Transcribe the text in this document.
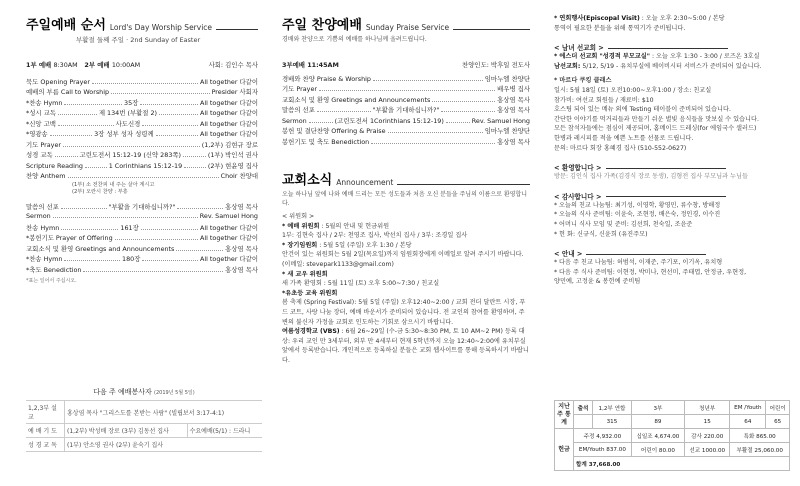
주일예배 순서 Lord's Day Worship Service
부활절 둘째 주일 · 2nd Sunday of Easter
1부 예배
8:30AM
2부 예배
10:00AM	사회: 김인수 목사
묵도 Opening Prayer	All together 다같이
예배의 부름 Call to Worship	Presider 사회자
*찬송 Hymn	35장	All together 다같이
*성시 교독	제 134번 (부활절 2)	All together 다같이
*신앙 고백	사도신경	All together 다같이
*영광송	3장 성부 성자 성령께	All together 다같이
기도 Prayer	(1,2부) 김현규 장로
성경 교독	고린도전서 15:12-19 (신약 283쪽)	(1부) 박인석 권사
Scripture Reading	1 Corinthians 15:12-19	(2부) 현윤영 집사
찬양 Anthem	Choir 찬양대
(1부) 소 전찬피 내 주는 살아 계시고
(2부) 오란시 찬양 : 부흥
말씀의 선포	"부활을 기대하십니까?"	홍상염 목사
Sermon	Rev. Samuel Hong
찬송 Hymn	161장	All together 다같이
*봉헌기도 Prayer of Offering	All together 다같이
교회소식 및 환영 Greetings and Announcements	홍상염 목사
*찬송 Hymn	180장	All together 다같이
*축도 Benediction	홍상염 목사
*표는 일어서 주십시오.
다음 주 예배봉사자 (2019년 5월 5일)
1,2,3부 설교	홍상염 목사 "그리스도를 본받는 사람" (빌립보서 3:17-4:1)	
예 배 기 도	(1,2부) 박성배 장로 (3부) 김동선 집사	수요예배(5/1) : 드라니
성 경 교 독	(1부) 안소영 권사 (2부) 윤숙기 집사	
주일 찬양예배 Sunday Praise Service
경배와 찬양으로 기쁨의 예배를 하나님께 올려드립니다.
3부예배 11:45AM	찬양인도: 박후일 전도사
경배와 찬양 Praise & Worship	임마누엘 찬양단
기도 Prayer	배우병 집사
교회소식 및 환영 Greetings and Announcements	홍상염 목사
말씀의 선포	"부활을 기대하십니까?"	홍상염 목사
Sermon	(고린도전서 1Corinthians 15:12-19)	Rev. Samuel Hong
봉헌 및 결단찬양 Offering & Praise	임마누엘 찬양단
봉헌기도 및 축도 Benediction	홍상염 목사
교회소식 Announcement
오늘 하나님 앞에 나와 예배 드리는 모든 성도들과 처음 오신 분들을 주님의 이름으로 환영합니다.
< 위원회 >
* 예배 위원회 : 5월의 안내 및 헌금위원
1부: 김현숙 집사 / 2부: 천영조 집사, 박선치 집사 / 3부: 조경일 집사
* 장기임원회 : 5월 5일 (주일) 오후 1:30 / 본당
안건이 있는 위원회는 5월 2일(목요일)까지 임원회장에게 이메일로 알려 주시기 바랍니다. (이메일: stevepark1133@gmail.com)
* 새 교우 위원회
새 가족 환영회 : 5월 11일 (토) 오후 5:00~7:30 / 친교실
*유초등 교육 위원회
봄 축제 (Spring Festival): 5월 5일 (주일) 오후12:40~2:00 / 교회 전더 달란트 시장, 푸드 코트, 사랑 나눔 장터, 예배 바운서가 준비되어 있습니다. 전 교인의 참여를 환영하며, 주변의 불신자 가정을 교회로 인도하는 기회로 삼으시기 바랍니다.
여름성경학교 (VBS) : 6월 26~29일 (수-금 5:30~8:30 PM, 토 10 AM~2 PM) 등록 대상: 우리 교인 만 3세부터, 외부 만 4세부터 현재 5학년까지 오늘 12:40~2:00에 유치부실 앞에서 등록받습니다. 개인적으로 등록하실 분들은 교회 웹사이트를 통해 등록하시기 바랍니다.
* 연회행사(Episcopal Visit) : 오늘 오후 2:30~5:00 / 본당
통역이 필요한 분들을 위해 통역기가 준비됩니다.
< 남녀 선교회 >
* 에스더 선교회 "성경적 부모교실" : 오늘 오후 1:30 - 3:00 / 로즈온 3호실
남선교회: 5/12, 5/19 - 유치부실에 베이비시터 서비스가 준비되어 있습니다.
* 마르다 쿠킹 클래스
일시: 5월 18일 (토) 오전10:00~오후1:00 / 장소: 친교실
참가비: 여선교 회원들 / 재료비: $10
호스팅 되어 있는 메뉴 외에 Testing 테이블이 준비되어 있습니다.
간단한 이야기를 먹거리들과 만들기 쉬운 별빛 음식들을 맛보실 수 있습니다.
모든 참석자들에는 점심이 제공되며, 홈메이드 드레싱(for 에임국수 샐러드)
한병과 레시피를 적을 예쁜 노트를 선물로 드립니다.
문의: 마르다 회장 홍혜경 집사 (510-552-0627)
< 환영합니다 >
방문: 김인식 집사 가족(김경식 장로 동생), 김형전 집사 부모님과 누님들
< 감사합니다 >
* 오늘의 친교 나눔팀: 최기성, 이영학, 황영민, 류수창, 방해정
* 오늘의 식사 준비팀: 이윤숙, 조현정, 배은숙, 정인경, 이수진
* 어머니 식사 모임 및 준비: 김선희, 천숙일, 조윤준
* 헌 화: 신규식, 신윤희 (유진주모)
< 안내 >
* 다음 주 친교 나눔팀: 허범석, 이재준, 주기포, 이기옥, 유치형
* 다음 주 식사 준비팀: 이현정, 박미나, 현선미, 주태엽, 안정금, 우현정,
양민예, 고정윤 & 봉헌예 준비팀
지난 주 통계	출석	1,2부 연합	3부	청년부	EM /Youth	어린이
		315	89	15	64	65
헌금	주정 4,932.00		십일조 4,674.00	감사 220.00	특화 865.00	
	EM/Youth 837.00		어린이 80.00	선교 1000.00	부활절 25,060.00	
	합계 37,668.00					
